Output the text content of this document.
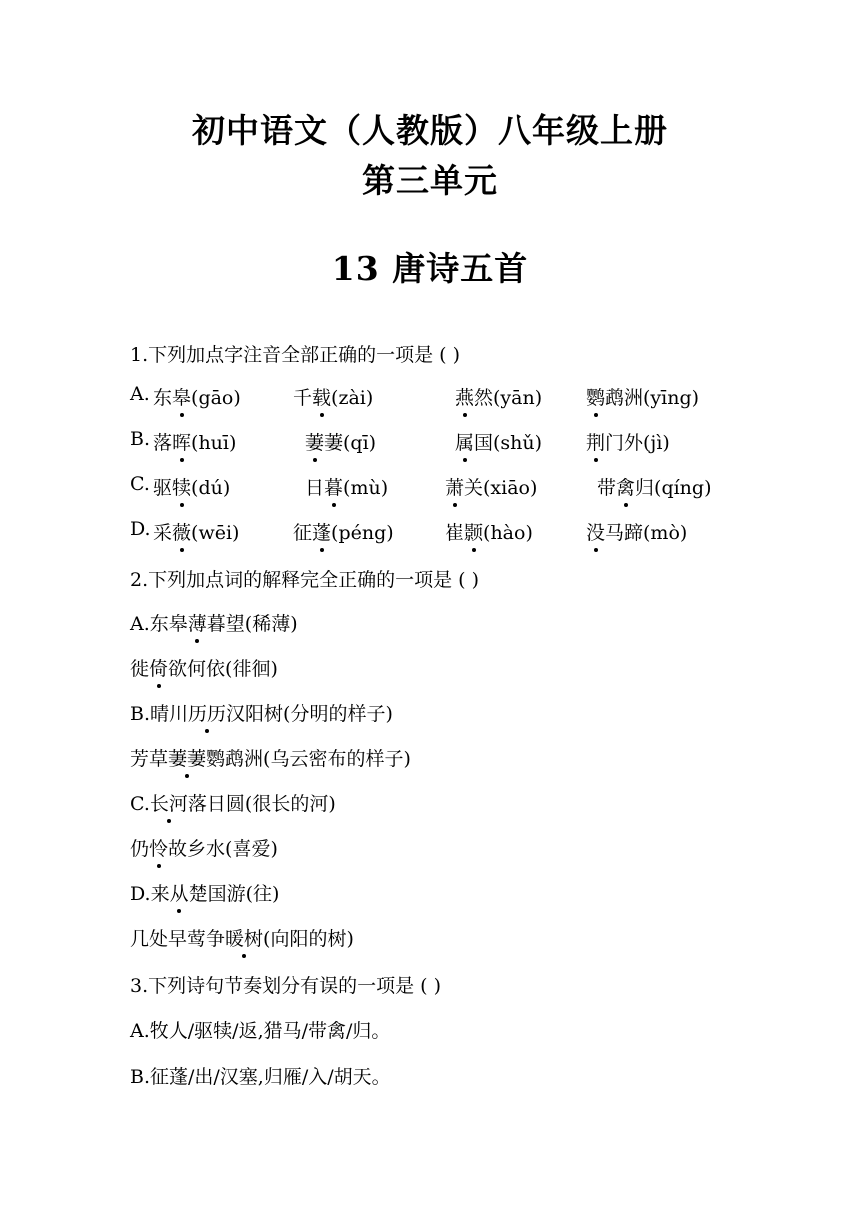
初中语文（人教版）八年级上册
第三单元
13 唐诗五首

1.下列加点字注音全部正确的一项是 ( )

A. 东皋(gāo)	千载(zài)	燕然(yān) 鹦鹉洲(yīng)
B. 落晖(huī)	萋萋(qī)	属国(shǔ) 荆门外(jì)
C. 驱犊(dú)	日暮(mù)	萧关(xiāo)	带禽归(qíng)
D. 采薇(wēi)	征蓬(péng)	崔颢(hào)	没马蹄(mò)

2.下列加点词的解释完全正确的一项是 ( )

A.东皋薄暮望(稀薄)

徙倚欲何依(徘徊)

B.晴川历历汉阳树(分明的样子)

芳草萋萋鹦鹉洲(乌云密布的样子)

C.长河落日圆(很长的河)

仍怜故乡水(喜爱)

D.来从楚国游(往)

几处早莺争暖树(向阳的树)

3.下列诗句节奏划分有误的一项是 ( )

A.牧人/驱犊/返,猎马/带禽/归。

B.征蓬/出/汉塞,归雁/入/胡天。
